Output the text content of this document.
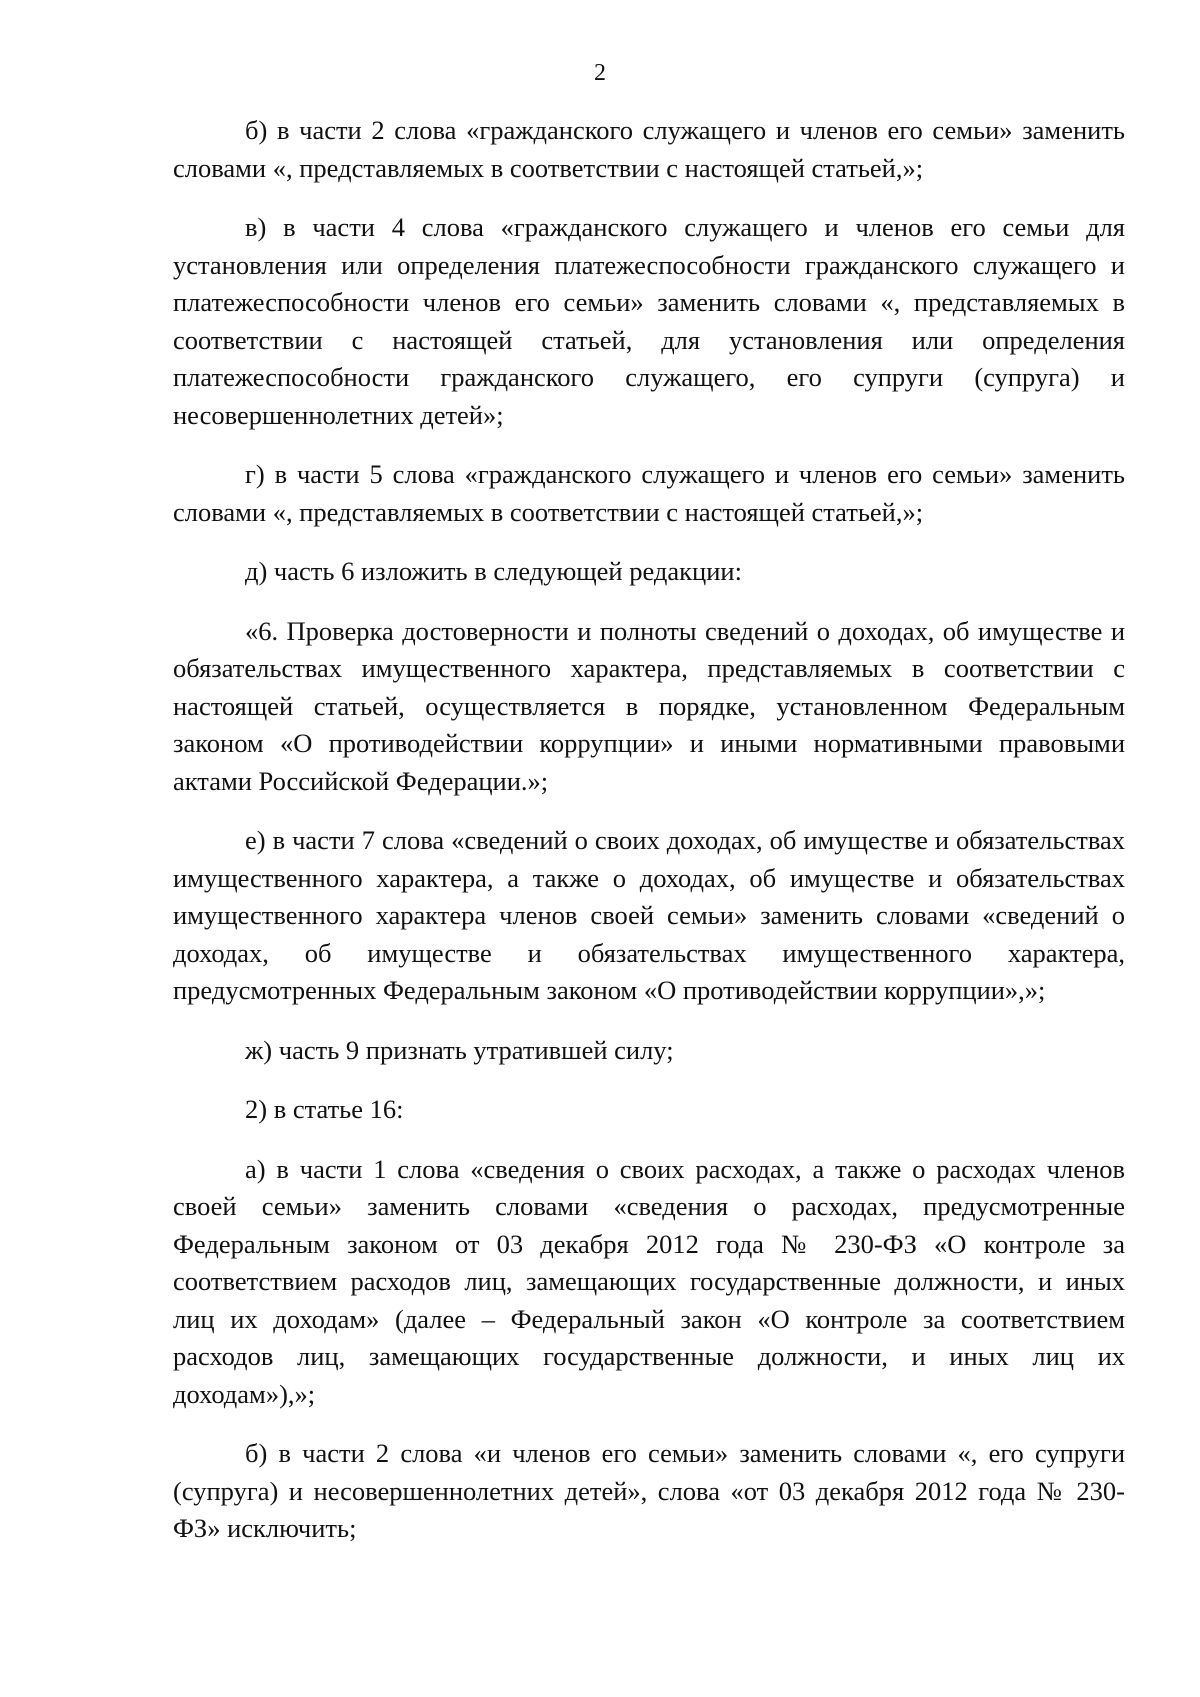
2

б) в части 2 слова «гражданского служащего и членов его семьи» заменить словами «, представляемых в соответствии с настоящей статьей,»;

в) в части 4 слова «гражданского служащего и членов его семьи для установления или определения платежеспособности гражданского служащего и платежеспособности членов его семьи» заменить словами «, представляемых в соответствии с настоящей статьей, для установления или определения платежеспособности гражданского служащего, его супруги (супруга) и несовершеннолетних детей»;

г) в части 5 слова «гражданского служащего и членов его семьи» заменить словами «, представляемых в соответствии с настоящей статьей,»;

д) часть 6 изложить в следующей редакции:

«6. Проверка достоверности и полноты сведений о доходах, об имуществе и обязательствах имущественного характера, представляемых в соответствии с настоящей статьей, осуществляется в порядке, установленном Федеральным законом «О противодействии коррупции» и иными нормативными правовыми актами Российской Федерации.»;

е) в части 7 слова «сведений о своих доходах, об имуществе и обязательствах имущественного характера, а также о доходах, об имуществе и обязательствах имущественного характера членов своей семьи» заменить словами «сведений о доходах, об имуществе и обязательствах имущественного характера, предусмотренных Федеральным законом «О противодействии коррупции»,»;

ж) часть 9 признать утратившей силу;

2) в статье 16:

а) в части 1 слова «сведения о своих расходах, а также о расходах членов своей семьи» заменить словами «сведения о расходах, предусмотренные Федеральным законом от 03 декабря 2012 года № 230-ФЗ «О контроле за соответствием расходов лиц, замещающих государственные должности, и иных лиц их доходам» (далее – Федеральный закон «О контроле за соответствием расходов лиц, замещающих государственные должности, и иных лиц их доходам»),»;

б) в части 2 слова «и членов его семьи» заменить словами «, его супруги (супруга) и несовершеннолетних детей», слова «от 03 декабря 2012 года № 230-ФЗ» исключить;
